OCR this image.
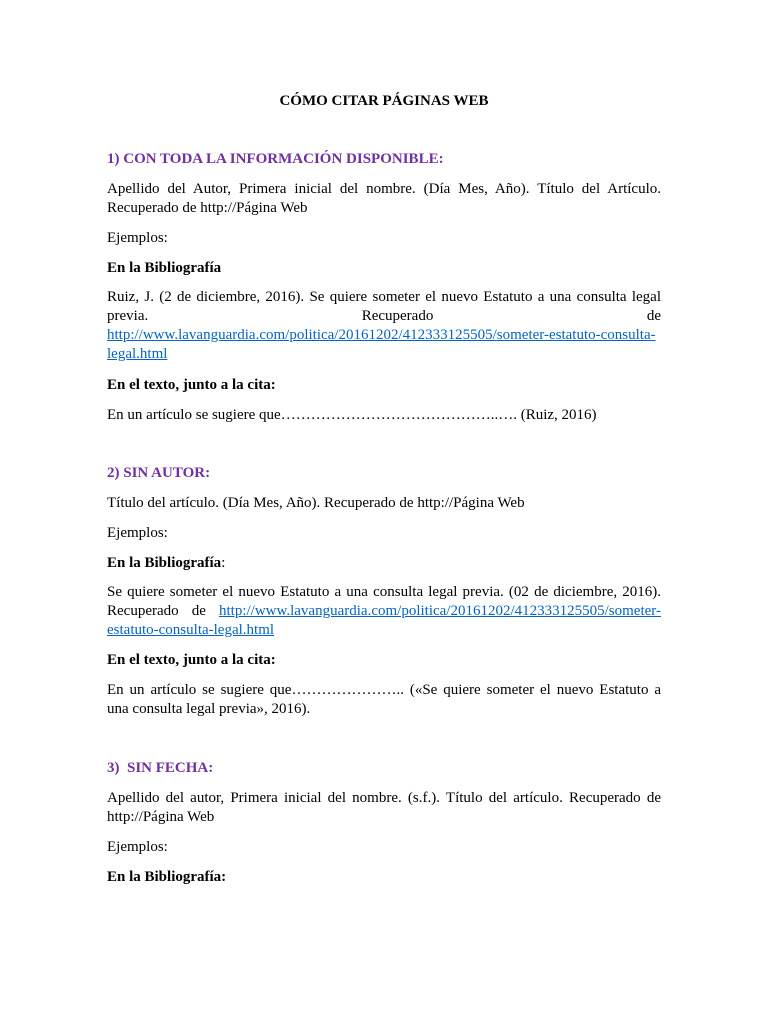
CÓMO CITAR PÁGINAS WEB
1) CON TODA LA INFORMACIÓN DISPONIBLE:
Apellido del Autor, Primera inicial del nombre. (Día Mes, Año). Título del Artículo.
Recuperado de http://Página Web
Ejemplos:
En la Bibliografía
Ruiz, J. (2 de diciembre, 2016). Se quiere someter el nuevo Estatuto a una consulta legal
previa.	Recuperado	de
http://www.lavanguardia.com/politica/20161202/412333125505/someter-estatuto-consulta-
legal.html
En el texto, junto a la cita:
En un artículo se sugiere que……………………………………..…. (Ruiz, 2016)
2) SIN AUTOR:
Título del artículo. (Día Mes, Año). Recuperado de http://Página Web
Ejemplos:
En la Bibliografía:
Se quiere someter el nuevo Estatuto a una consulta legal previa. (02 de diciembre, 2016).
Recuperado de http://www.lavanguardia.com/politica/20161202/412333125505/someter-
estatuto-consulta-legal.html
En el texto, junto a la cita:
En un artículo se sugiere que………………….. («Se quiere someter el nuevo Estatuto a
una consulta legal previa», 2016).
3)  SIN FECHA:
Apellido del autor, Primera inicial del nombre. (s.f.). Título del artículo. Recuperado de
http://Página Web
Ejemplos:
En la Bibliografía:
